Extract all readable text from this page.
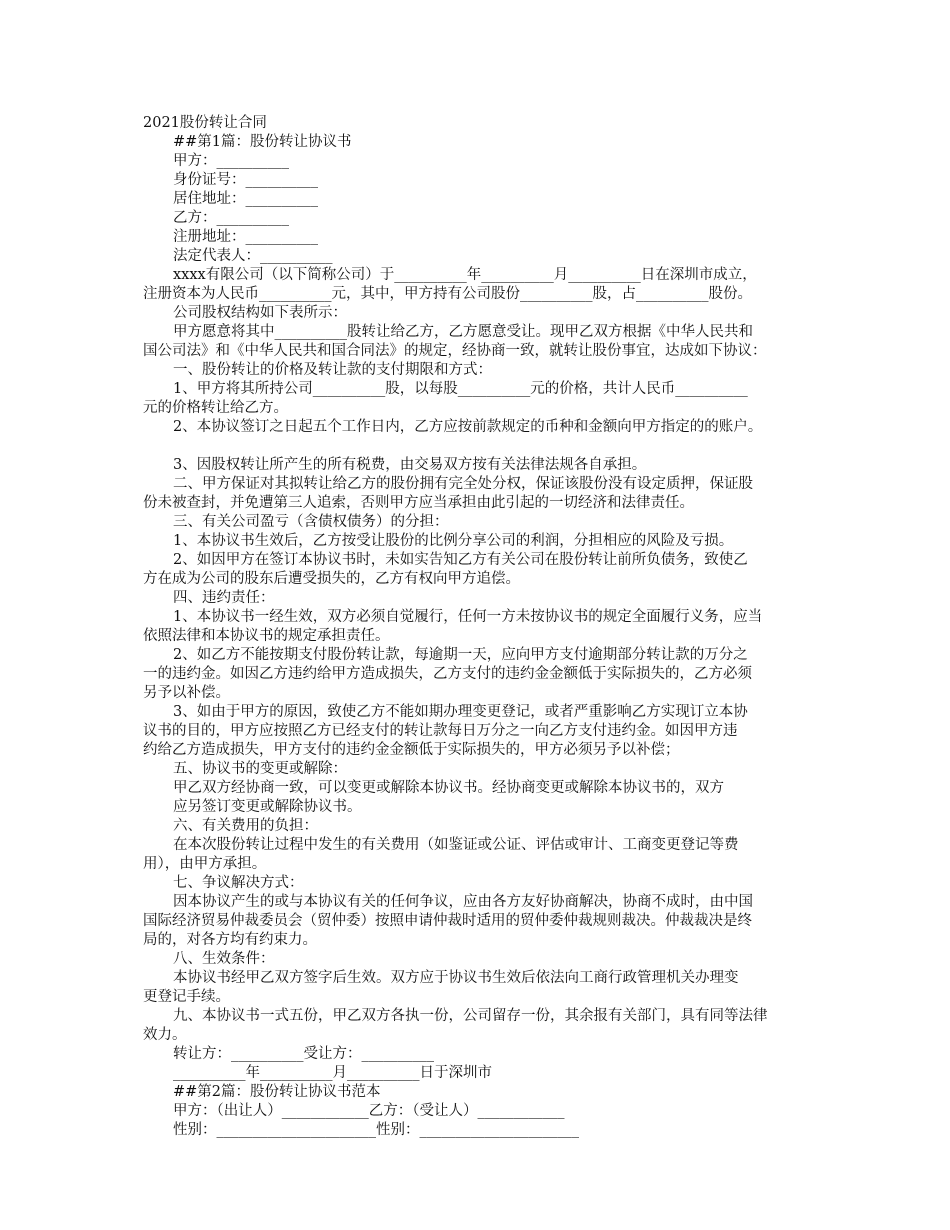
2021股份转让合同
##第1篇：股份转让协议书
甲方：__________
身份证号：__________
居住地址：__________
乙方：__________
注册地址：__________
法定代表人：__________
xxxx有限公司（以下简称公司）于__________年__________月__________日在深圳市成立，
注册资本为人民币__________元，其中，甲方持有公司股份__________股，占__________股份。
公司股权结构如下表所示：
甲方愿意将其中__________股转让给乙方，乙方愿意受让。现甲乙双方根据《中华人民共和
国公司法》和《中华人民共和国合同法》的规定，经协商一致，就转让股份事宜，达成如下协议：
一、股份转让的价格及转让款的支付期限和方式：
1、甲方将其所持公司__________股，以每股__________元的价格，共计人民币__________
元的价格转让给乙方。
2、本协议签订之日起五个工作日内，乙方应按前款规定的币种和金额向甲方指定的的账户。
3、因股权转让所产生的所有税费，由交易双方按有关法律法规各自承担。
二、甲方保证对其拟转让给乙方的股份拥有完全处分权，保证该股份没有设定质押，保证股
份未被查封，并免遭第三人追索，否则甲方应当承担由此引起的一切经济和法律责任。
三、有关公司盈亏（含债权债务）的分担：
1、本协议书生效后，乙方按受让股份的比例分享公司的利润，分担相应的风险及亏损。
2、如因甲方在签订本协议书时，未如实告知乙方有关公司在股份转让前所负债务，致使乙
方在成为公司的股东后遭受损失的，乙方有权向甲方追偿。
四、违约责任：
1、本协议书一经生效，双方必须自觉履行，任何一方未按协议书的规定全面履行义务，应当
依照法律和本协议书的规定承担责任。
2、如乙方不能按期支付股份转让款，每逾期一天，应向甲方支付逾期部分转让款的万分之
一的违约金。如因乙方违约给甲方造成损失，乙方支付的违约金金额低于实际损失的，乙方必须
另予以补偿。
3、如由于甲方的原因，致使乙方不能如期办理变更登记，或者严重影响乙方实现订立本协
议书的目的，甲方应按照乙方已经支付的转让款每日万分之一向乙方支付违约金。如因甲方违
约给乙方造成损失，甲方支付的违约金金额低于实际损失的，甲方必须另予以补偿；
五、协议书的变更或解除：
甲乙双方经协商一致，可以变更或解除本协议书。经协商变更或解除本协议书的，双方
应另签订变更或解除协议书。
六、有关费用的负担：
在本次股份转让过程中发生的有关费用（如鉴证或公证、评估或审计、工商变更登记等费
用），由甲方承担。
七、争议解决方式：
因本协议产生的或与本协议有关的任何争议，应由各方友好协商解决，协商不成时，由中国
国际经济贸易仲裁委员会（贸仲委）按照申请仲裁时适用的贸仲委仲裁规则裁决。仲裁裁决是终
局的，对各方均有约束力。
八、生效条件：
本协议书经甲乙双方签字后生效。双方应于协议书生效后依法向工商行政管理机关办理变
更登记手续。
九、本协议书一式五份，甲乙双方各执一份，公司留存一份，其余报有关部门，具有同等法律
效力。
转让方：__________受让方：__________
__________年__________月__________日于深圳市
##第2篇：股份转让协议书范本
甲方：（出让人）____________乙方：（受让人）____________
性别：______________________性别：______________________
